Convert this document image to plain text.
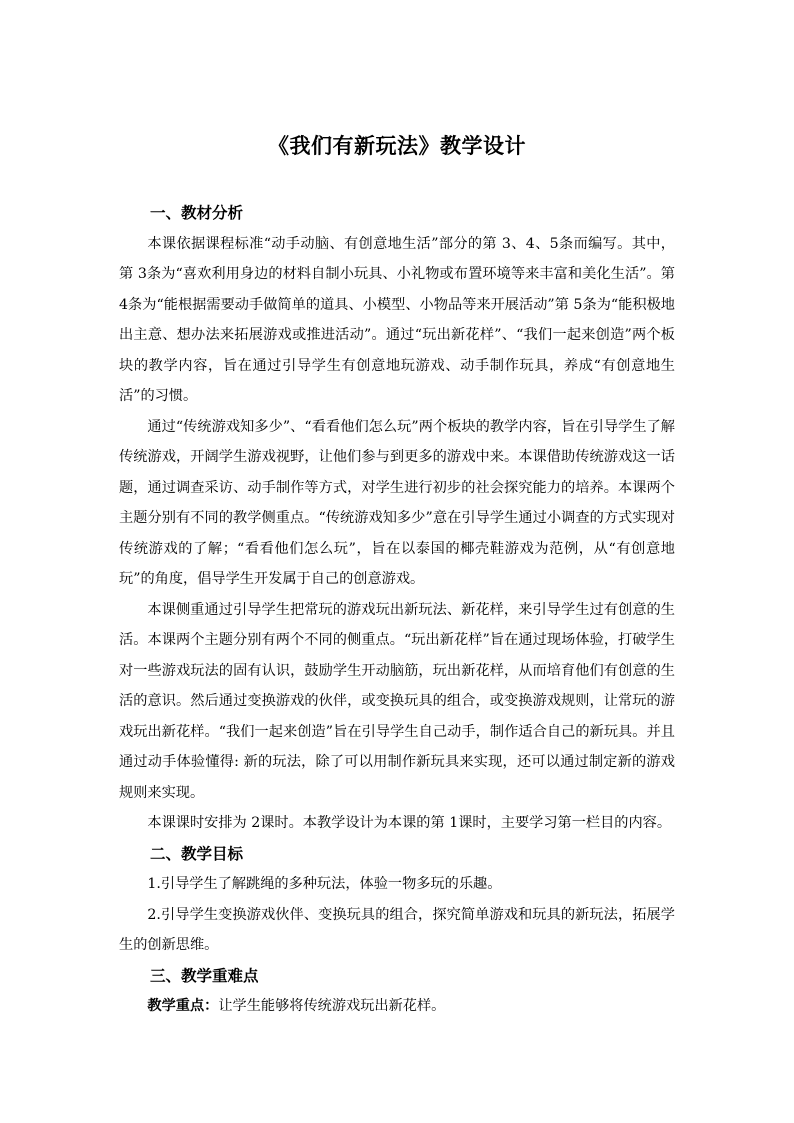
《我们有新玩法》教学设计

一、教材分析

本课依据课程标准“动手动脑、有创意地生活”部分的第 3、4、5条而编写。其中，第 3条为“喜欢利用身边的材料自制小玩具、小礼物或布置环境等来丰富和美化生活”。第 4条为“能根据需要动手做简单的道具、小模型、小物品等来开展活动”第 5条为“能积极地出主意、想办法来拓展游戏或推进活动”。通过“玩出新花样”、“我们一起来创造”两个板块的教学内容，旨在通过引导学生有创意地玩游戏、动手制作玩具，养成“有创意地生活”的习惯。

通过“传统游戏知多少”、“看看他们怎么玩”两个板块的教学内容，旨在引导学生了解传统游戏，开阔学生游戏视野，让他们参与到更多的游戏中来。本课借助传统游戏这一话题，通过调查采访、动手制作等方式，对学生进行初步的社会探究能力的培养。本课两个主题分别有不同的教学侧重点。“传统游戏知多少”意在引导学生通过小调查的方式实现对传统游戏的了解；“看看他们怎么玩”，旨在以泰国的椰壳鞋游戏为范例，从“有创意地玩”的角度，倡导学生开发属于自己的创意游戏。

本课侧重通过引导学生把常玩的游戏玩出新玩法、新花样，来引导学生过有创意的生活。本课两个主题分别有两个不同的侧重点。“玩出新花样”旨在通过现场体验，打破学生对一些游戏玩法的固有认识，鼓励学生开动脑筋，玩出新花样，从而培育他们有创意的生活的意识。然后通过变换游戏的伙伴，或变换玩具的组合，或变换游戏规则，让常玩的游戏玩出新花样。“我们一起来创造”旨在引导学生自己动手，制作适合自己的新玩具。并且通过动手体验懂得: 新的玩法，除了可以用制作新玩具来实现，还可以通过制定新的游戏规则来实现。

本课课时安排为 2课时。本教学设计为本课的第 1课时，主要学习第一栏目的内容。

二、教学目标

1.引导学生了解跳绳的多种玩法，体验一物多玩的乐趣。

2.引导学生变换游戏伙伴、变换玩具的组合，探究简单游戏和玩具的新玩法，拓展学生的创新思维。

三、教学重难点

教学重点：让学生能够将传统游戏玩出新花样。
